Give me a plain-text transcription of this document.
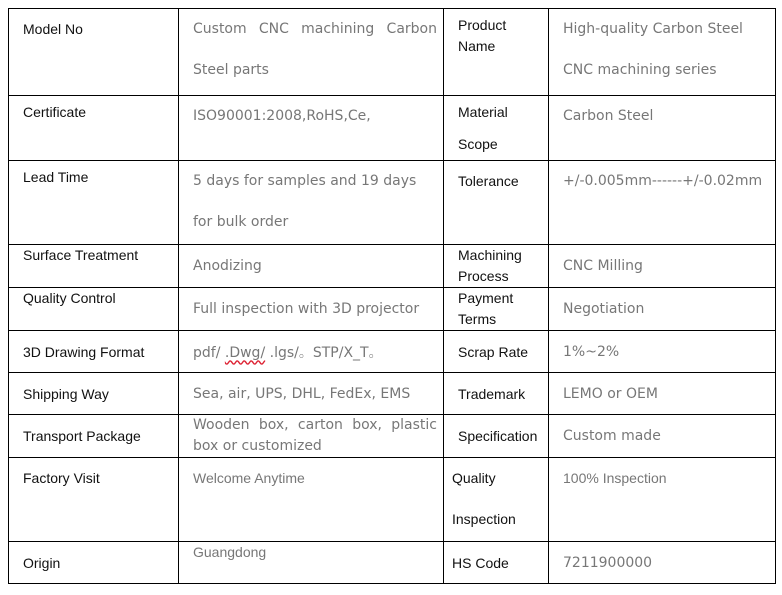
Model No	Custom CNC machining Carbon Steel parts	Product Name	High-quality Carbon Steel CNC machining series
Certificate	ISO90001:2008,RoHS,Ce,	Material Scope	Carbon Steel
Lead Time	5 days for samples and 19 days for bulk order	Tolerance	+/-0.005mm------+/-0.02mm
Surface Treatment	Anodizing	Machining Process	CNC Milling
Quality Control	Full inspection with 3D projector	Payment Terms	Negotiation
3D Drawing Format	pdf/ .Dwg/ .lgs/。STP/X_T。	Scrap Rate	1%~2%
Shipping Way	Sea, air, UPS, DHL, FedEx, EMS	Trademark	LEMO or OEM
Transport Package	Wooden box, carton box, plastic box or customized	Specification	Custom made
Factory Visit	Welcome Anytime	Quality Inspection	100% Inspection
Origin	Guangdong	HS Code	7211900000
